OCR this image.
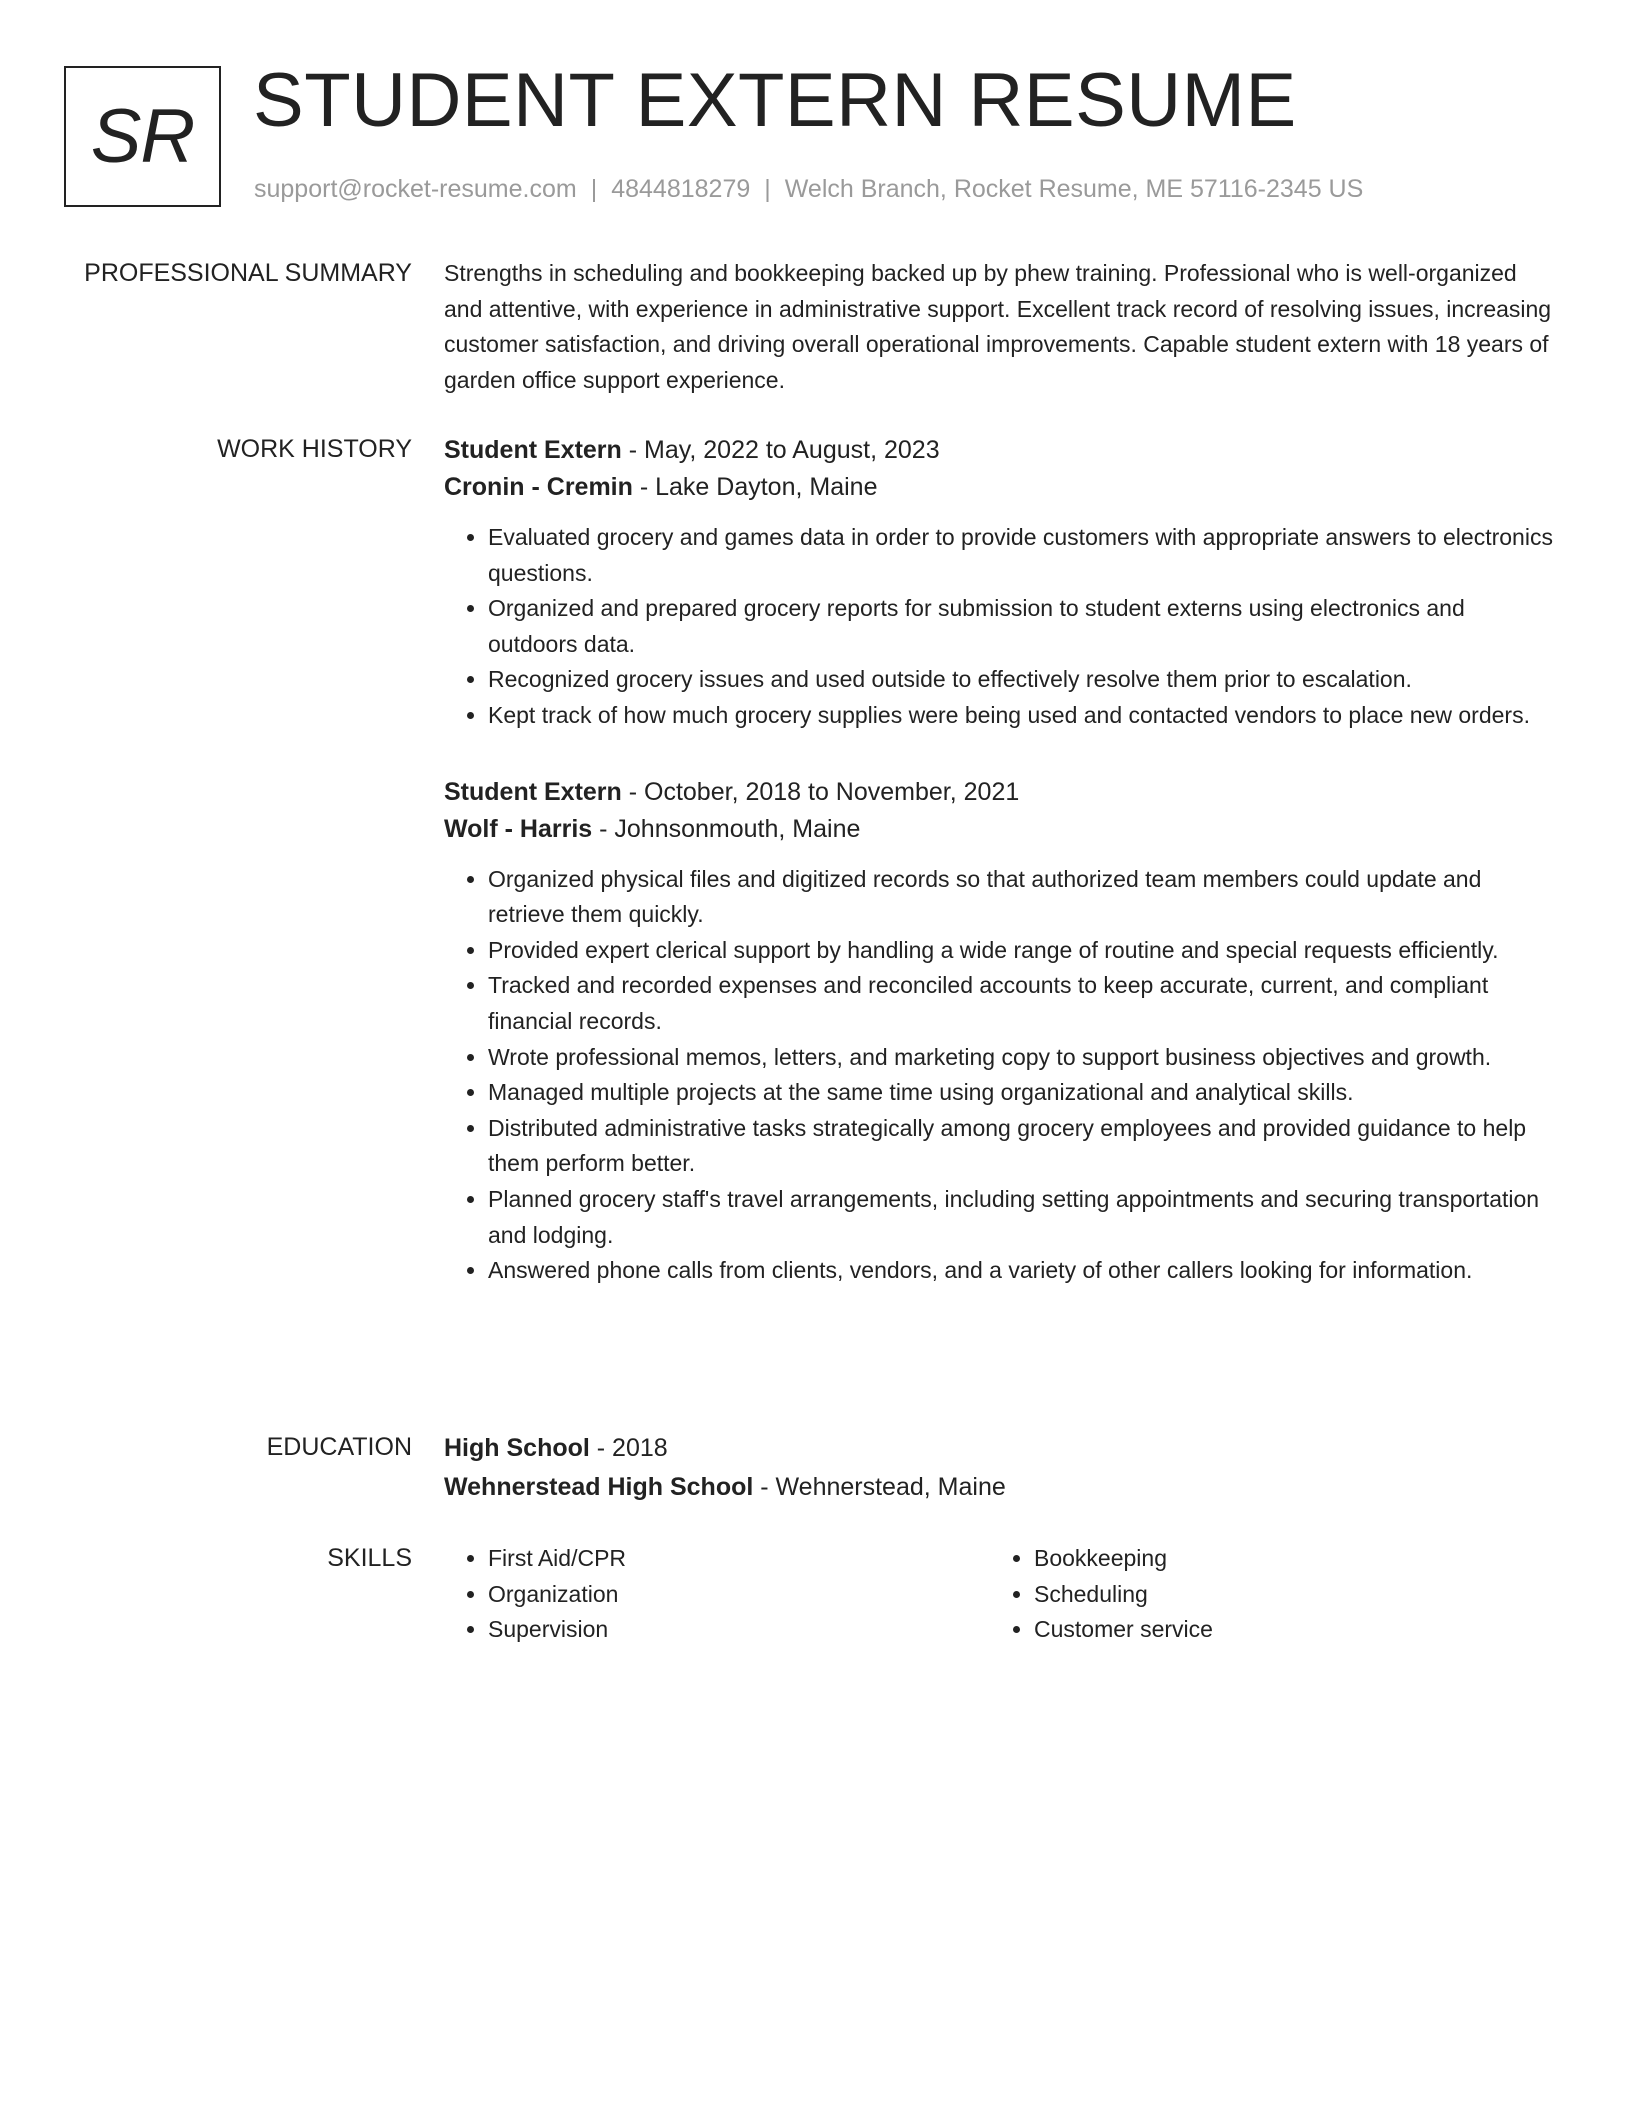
SR STUDENT EXTERN RESUME
support@rocket-resume.com | 4844818279 | Welch Branch, Rocket Resume, ME 57116-2345 US
PROFESSIONAL SUMMARY Strengths in scheduling and bookkeeping backed up by phew training. Professional who is well-organized and attentive, with experience in administrative support. Excellent track record of resolving issues, increasing customer satisfaction, and driving overall operational improvements. Capable student extern with 18 years of garden office support experience.

WORK HISTORY Student Extern - May, 2022 to August, 2023

Cronin - Cremin - Lake Dayton, Maine

• Evaluated grocery and games data in order to provide customers with appropriate answers to electronics questions.
• Organized and prepared grocery reports for submission to student externs using electronics and outdoors data.
• Recognized grocery issues and used outside to effectively resolve them prior to escalation.
• Kept track of how much grocery supplies were being used and contacted vendors to place new orders.

Student Extern - October, 2018 to November, 2021

Wolf - Harris - Johnsonmouth, Maine

• Organized physical files and digitized records so that authorized team members could update and retrieve them quickly.
• Provided expert clerical support by handling a wide range of routine and special requests efficiently.
• Tracked and recorded expenses and reconciled accounts to keep accurate, current, and compliant financial records.
• Wrote professional memos, letters, and marketing copy to support business objectives and growth.
• Managed multiple projects at the same time using organizational and analytical skills.
• Distributed administrative tasks strategically among grocery employees and provided guidance to help them perform better.
• Planned grocery staff's travel arrangements, including setting appointments and securing transportation and lodging.
• Answered phone calls from clients, vendors, and a variety of other callers looking for information.
EDUCATION High School - 2018

Wehnerstead High School - Wehnerstead, Maine

SKILLS
•	First Aid/CPR
• Organization
• Supervision
• Bookkeeping
• Scheduling
• Customer service
